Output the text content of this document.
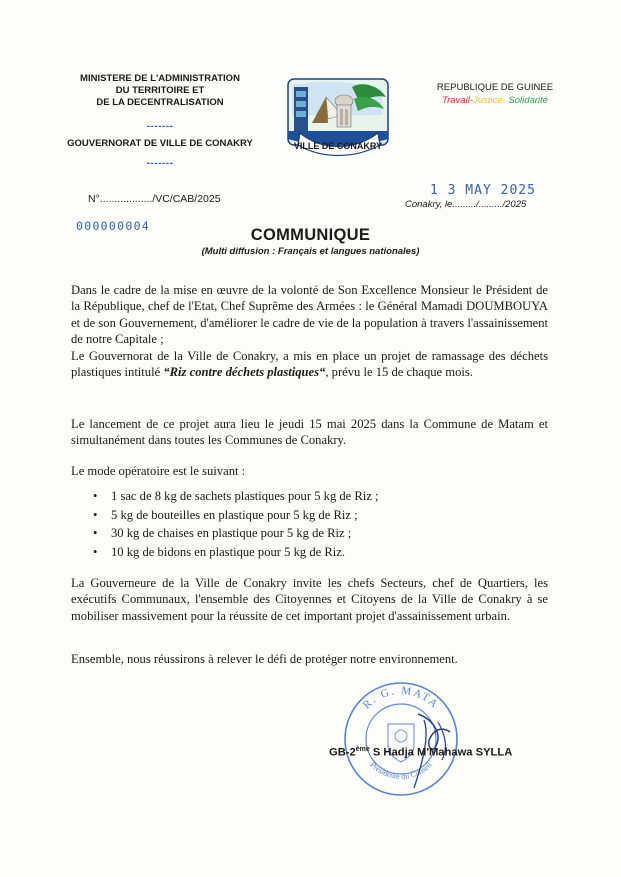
MINISTERE DE L'ADMINISTRATION
DU TERRITOIRE ET
DE LA DECENTRALISATION
-------
GOUVERNORAT DE VILLE DE CONAKRY
-------
VILLE DE CONAKRY
REPUBLIQUE DE GUINEE
Travail-Justice- Solidarité
N°................../VC/CAB/2025
1 3 MAY 2025
Conakry, le........./........./2025
000000004	COMMUNIQUE
(Multi diffusion : Français et langues nationales)
Dans le cadre de la mise en œuvre de la volonté de Son Excellence Monsieur le Président de la République, chef de l'Etat, Chef Suprême des Armées : le Général Mamadi DOUMBOUYA et de son Gouvernement, d'améliorer le cadre de vie de la population à travers l'assainissement de notre Capitale ;
Le Gouvernorat de la Ville de Conakry, a mis en place un projet de ramassage des déchets plastiques intitulé “Riz contre déchets plastiques“, prévu le 15 de chaque mois.
Le lancement de ce projet aura lieu le jeudi 15 mai 2025 dans la Commune de Matam et simultanément dans toutes les Communes de Conakry.
Le mode opératoire est le suivant :
• 1 sac de 8 kg de sachets plastiques pour 5 kg de Riz ;
• 5 kg de bouteilles en plastique pour 5 kg de Riz ;
• 30 kg de chaises en plastique pour 5 kg de Riz ;
• 10 kg de bidons en plastique pour 5 kg de Riz.
La Gouverneure de la Ville de Conakry invite les chefs Secteurs, chef de Quartiers, les exécutifs Communaux, l'ensemble des Citoyennes et Citoyens de la Ville de Conakry à se mobiliser massivement pour la réussite de cet important projet d'assainissement urbain.
Ensemble, nous réussirons à relever le défi de protéger notre environnement.
R. G. MATA
Présidente du Conseil
GB-2ème S Hadja M'Mahawa SYLLA
